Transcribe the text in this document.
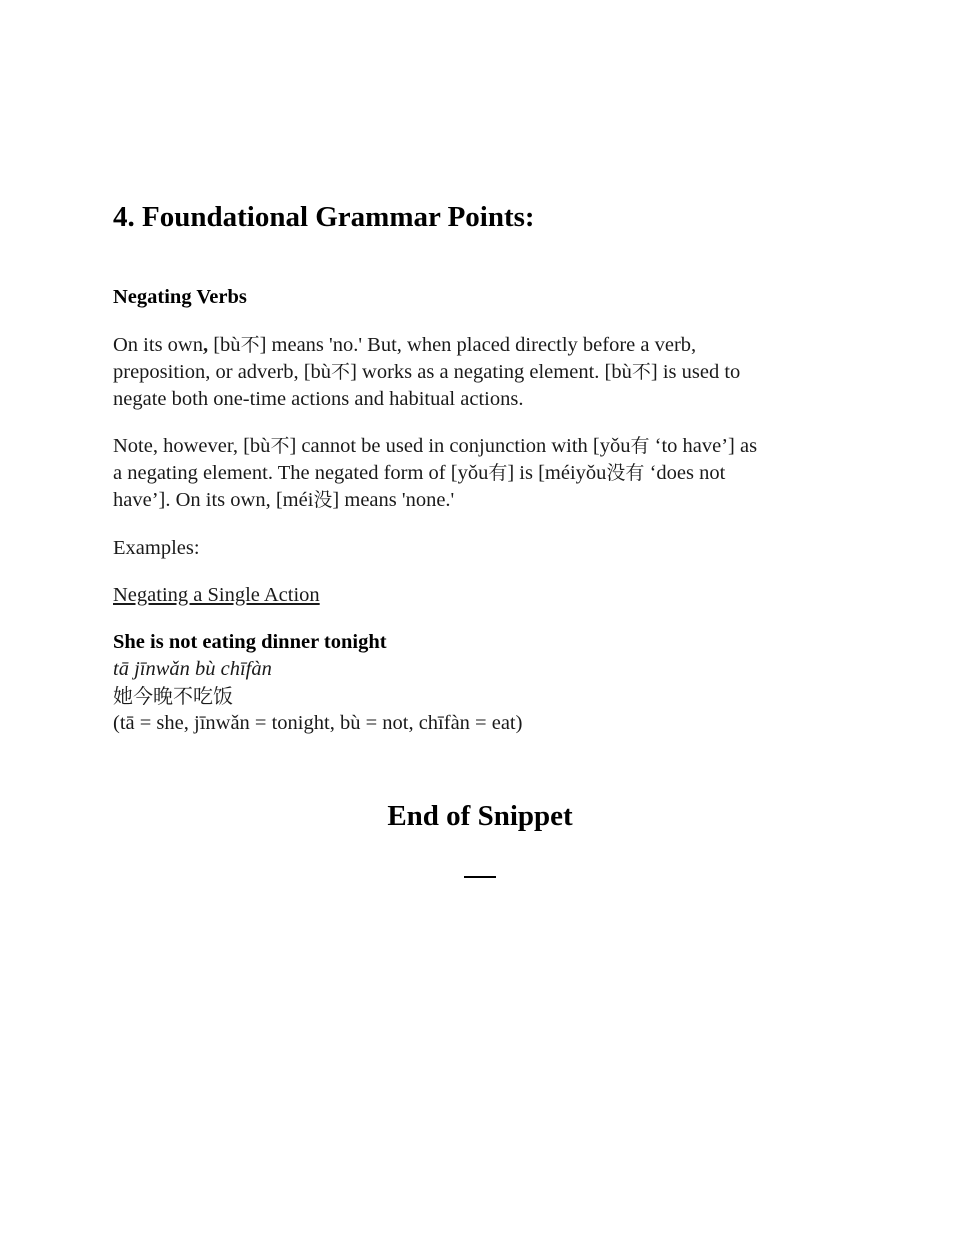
4. Foundational Grammar Points:
Negating Verbs

On its own, [bù不] means 'no.' But, when placed directly before a verb,
preposition, or adverb, [bù不] works as a negating element. [bù不] is used to
negate both one-time actions and habitual actions.

Note, however, [bù不] cannot be used in conjunction with [yǒu有 ‘to have’] as
a negating element. The negated form of [yǒu有] is [méiyǒu没有 ‘does not
have’]. On its own, [méi没] means 'none.'

Examples:

Negating a Single Action

She is not eating dinner tonight
tā jīnwǎn bù chīfàn
她今晚不吃饭
(tā = she, jīnwǎn = tonight, bù = not, chīfàn = eat)
End of Snippet
